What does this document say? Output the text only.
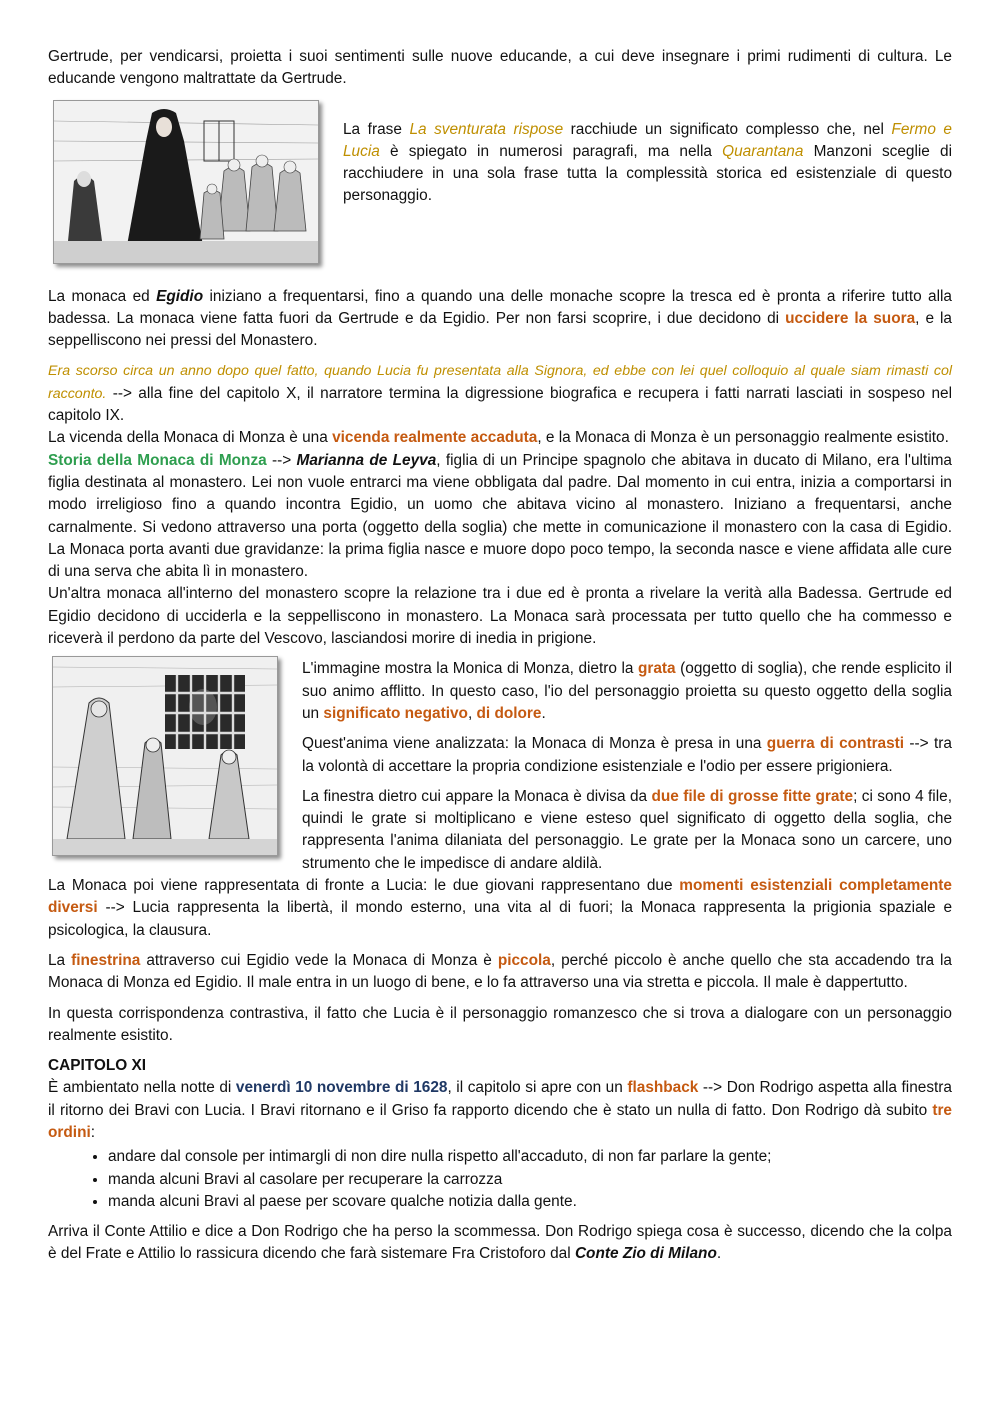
Gertrude, per vendicarsi, proietta i suoi sentimenti sulle nuove educande, a cui deve insegnare i primi rudimenti di cultura. Le educande vengono maltrattate da Gertrude.

La frase La sventurata rispose racchiude un significato complesso che, nel Fermo e Lucia è spiegato in numerosi paragrafi, ma nella Quarantana Manzoni sceglie di racchiudere in una sola frase tutta la complessità storica ed esistenziale di questo personaggio.

La monaca ed Egidio iniziano a frequentarsi, fino a quando una delle monache scopre la tresca ed è pronta a riferire tutto alla badessa. La monaca viene fatta fuori da Gertrude e da Egidio. Per non farsi scoprire, i due decidono di uccidere la suora, e la seppelliscono nei pressi del Monastero.

Era scorso circa un anno dopo quel fatto, quando Lucia fu presentata alla Signora, ed ebbe con lei quel colloquio al quale siam rimasti col racconto. --> alla fine del capitolo X, il narratore termina la digressione biografica e recupera i fatti narrati lasciati in sospeso nel capitolo IX.

La vicenda della Monaca di Monza è una vicenda realmente accaduta, e la Monaca di Monza è un personaggio realmente esistito.

Storia della Monaca di Monza --> Marianna de Leyva, figlia di un Principe spagnolo che abitava in ducato di Milano, era l'ultima figlia destinata al monastero. Lei non vuole entrarci ma viene obbligata dal padre. Dal momento in cui entra, inizia a comportarsi in modo irreligioso fino a quando incontra Egidio, un uomo che abitava vicino al monastero. Iniziano a frequentarsi, anche carnalmente. Si vedono attraverso una porta (oggetto della soglia) che mette in comunicazione il monastero con la casa di Egidio. La Monaca porta avanti due gravidanze: la prima figlia nasce e muore dopo poco tempo, la seconda nasce e viene affidata alle cure di una serva che abita lì in monastero.

Un'altra monaca all'interno del monastero scopre la relazione tra i due ed è pronta a rivelare la verità alla Badessa. Gertrude ed Egidio decidono di ucciderla e la seppelliscono in monastero. La Monaca sarà processata per tutto quello che ha commesso e riceverà il perdono da parte del Vescovo, lasciandosi morire di inedia in prigione.

L'immagine mostra la Monica di Monza, dietro la grata (oggetto di soglia), che rende esplicito il suo animo afflitto. In questo caso, l'io del personaggio proietta su questo oggetto della soglia un significato negativo, di dolore.

Quest'anima viene analizzata: la Monaca di Monza è presa in una guerra di contrasti --> tra la volontà di accettare la propria condizione esistenziale e l'odio per essere prigioniera.

La finestra dietro cui appare la Monaca è divisa da due file di grosse fitte grate; ci sono 4 file, quindi le grate si moltiplicano e viene esteso quel significato di oggetto della soglia, che rappresenta l'anima dilaniata del personaggio. Le grate per la Monaca sono un carcere, uno strumento che le impedisce di andare aldilà.

La Monaca poi viene rappresentata di fronte a Lucia: le due giovani rappresentano due momenti esistenziali completamente diversi --> Lucia rappresenta la libertà, il mondo esterno, una vita al di fuori; la Monaca rappresenta la prigionia spaziale e psicologica, la clausura.

La finestrina attraverso cui Egidio vede la Monaca di Monza è piccola, perché piccolo è anche quello che sta accadendo tra la Monaca di Monza ed Egidio. Il male entra in un luogo di bene, e lo fa attraverso una via stretta e piccola. Il male è dappertutto.

In questa corrispondenza contrastiva, il fatto che Lucia è il personaggio romanzesco che si trova a dialogare con un personaggio realmente esistito.

CAPITOLO XI

È ambientato nella notte di venerdì 10 novembre di 1628, il capitolo si apre con un flashback --> Don Rodrigo aspetta alla finestra il ritorno dei Bravi con Lucia. I Bravi ritornano e il Griso fa rapporto dicendo che è stato un nulla di fatto. Don Rodrigo dà subito tre ordini:

• andare dal console per intimargli di non dire nulla rispetto all'accaduto, di non far parlare la gente;
• manda alcuni Bravi al casolare per recuperare la carrozza
• manda alcuni Bravi al paese per scovare qualche notizia dalla gente.

Arriva il Conte Attilio e dice a Don Rodrigo che ha perso la scommessa. Don Rodrigo spiega cosa è successo, dicendo che la colpa è del Frate e Attilio lo rassicura dicendo che farà sistemare Fra Cristoforo dal Conte Zio di Milano.
